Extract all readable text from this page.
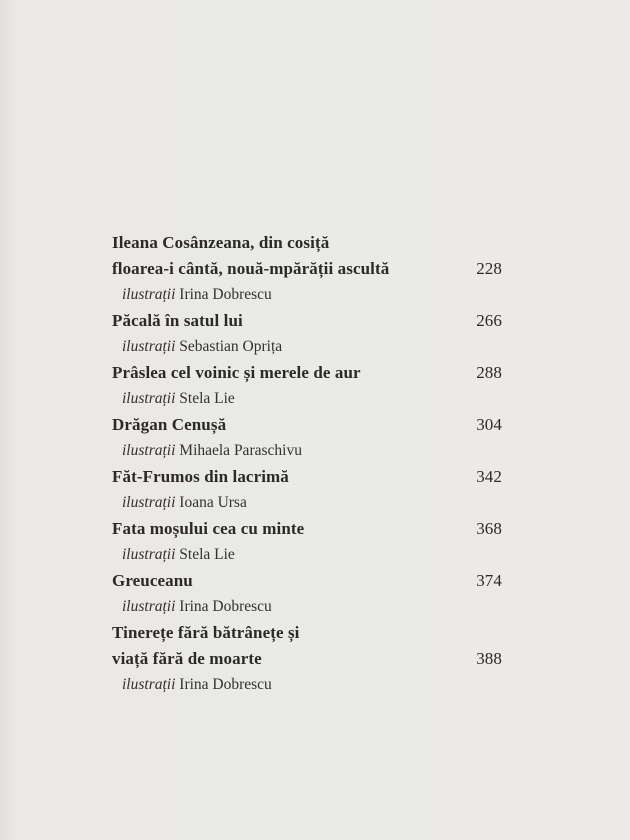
Ileana Cosânzeana, din cosiță
floarea-i cântă, nouă-mpărății ascultă	228
ilustrații Irina Dobrescu
Păcală în satul lui	266
ilustrații Sebastian Oprița
Prâslea cel voinic și merele de aur	288
ilustrații Stela Lie
Drăgan Cenușă	304
ilustrații Mihaela Paraschivu
Făt-Frumos din lacrimă	342
ilustrații Ioana Ursa
Fata moșului cea cu minte	368
ilustrații Stela Lie
Greuceanu	374
ilustrații Irina Dobrescu
Tinerețe fără bătrânețe și
viață fără de moarte	388
ilustrații Irina Dobrescu
